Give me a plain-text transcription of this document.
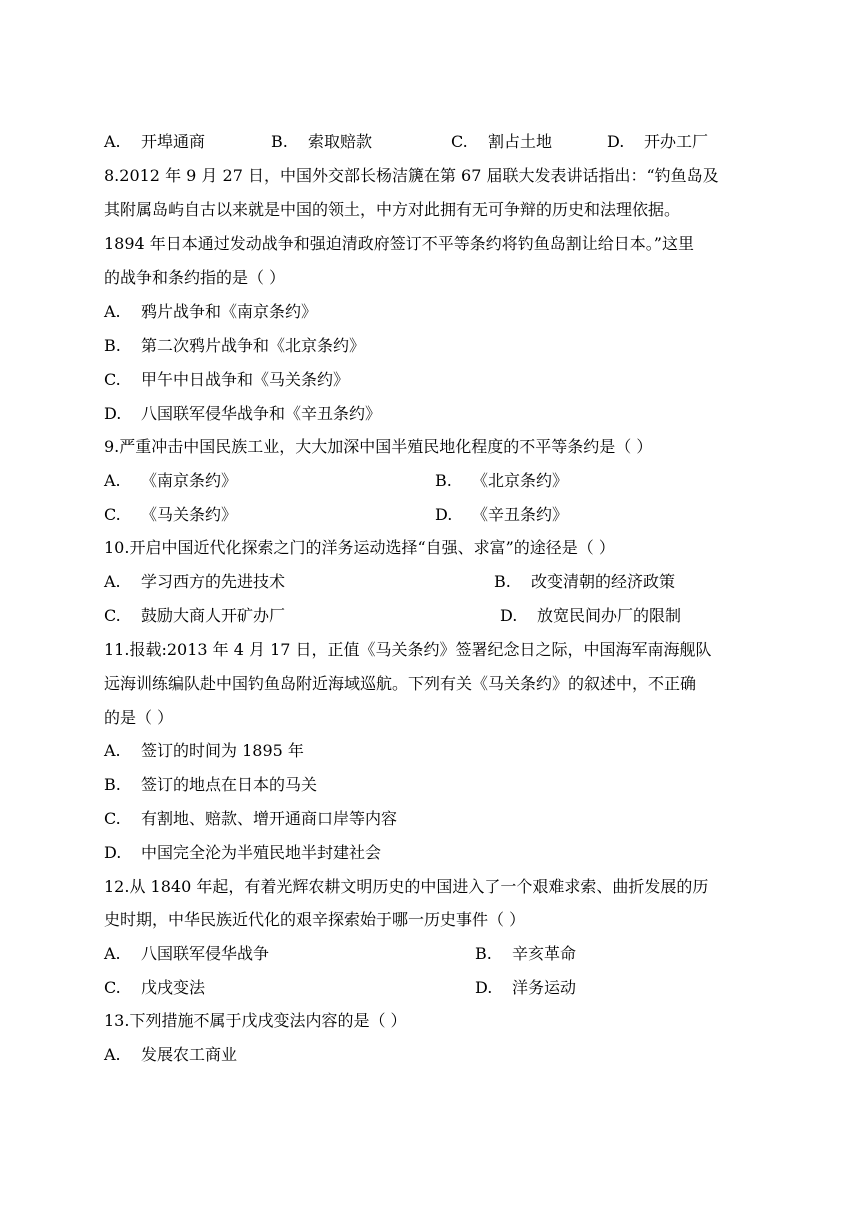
A. 开埠通商	B. 索取赔款	C. 割占土地	D. 开办工厂
8.2012 年 9 月 27 日，中国外交部长杨洁篪在第 67 届联大发表讲话指出：“钓鱼岛及
其附属岛屿自古以来就是中国的领土，中方对此拥有无可争辩的历史和法理依据。
1894 年日本通过发动战争和强迫清政府签订不平等条约将钓鱼岛割让给日本。”这里
的战争和条约指的是（ ）
A. 鸦片战争和《南京条约》
B. 第二次鸦片战争和《北京条约》
C. 甲午中日战争和《马关条约》
D. 八国联军侵华战争和《辛丑条约》
9.严重冲击中国民族工业，大大加深中国半殖民地化程度的不平等条约是（ ）
A. 《南京条约》	B. 《北京条约》
C. 《马关条约》	D. 《辛丑条约》
10.开启中国近代化探索之门的洋务运动选择“自强、求富”的途径是（ ）
A. 学习西方的先进技术	B. 改变清朝的经济政策
C. 鼓励大商人开矿办厂	D. 放宽民间办厂的限制
11.报载:2013 年 4 月 17 日，正值《马关条约》签署纪念日之际，中国海军南海舰队
远海训练编队赴中国钓鱼岛附近海域巡航。下列有关《马关条约》的叙述中，不正确
的是（ ）
A. 签订的时间为 1895 年
B. 签订的地点在日本的马关
C. 有割地、赔款、增开通商口岸等内容
D. 中国完全沦为半殖民地半封建社会
12.从 1840 年起，有着光辉农耕文明历史的中国进入了一个艰难求索、曲折发展的历
史时期，中华民族近代化的艰辛探索始于哪一历史事件（ ）
A. 八国联军侵华战争	B. 辛亥革命
C. 戊戌变法	D. 洋务运动
13.下列措施不属于戊戌变法内容的是（ ）
A. 发展农工商业
